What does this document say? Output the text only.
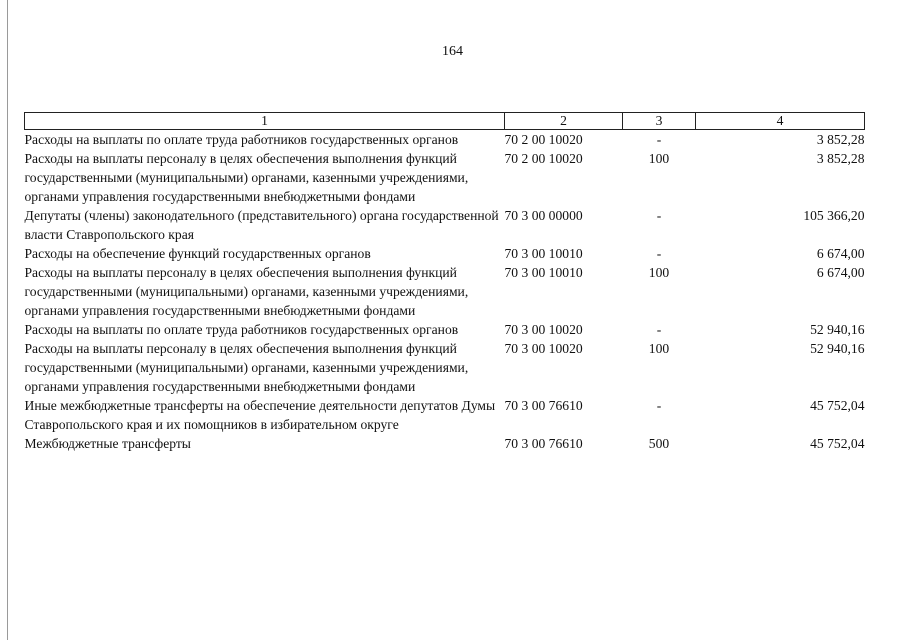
164
1	2	3	4
Расходы на выплаты по оплате труда работников государственных органов	70 2 00 10020	-	3 852,28
Расходы на выплаты персоналу в целях обеспечения выполнения функций государственными (муниципальными) органами, казенными учреждениями, органами управления государственными внебюджетными фондами	70 2 00 10020	100	3 852,28
Депутаты (члены) законодательного (представительного) органа государственной власти Ставропольского края	70 3 00 00000	-	105 366,20
Расходы на обеспечение функций государственных органов	70 3 00 10010	-	6 674,00
Расходы на выплаты персоналу в целях обеспечения выполнения функций государственными (муниципальными) органами, казенными учреждениями, органами управления государственными внебюджетными фондами	70 3 00 10010	100	6 674,00
Расходы на выплаты по оплате труда работников государственных органов	70 3 00 10020	-	52 940,16
Расходы на выплаты персоналу в целях обеспечения выполнения функций государственными (муниципальными) органами, казенными учреждениями, органами управления государственными внебюджетными фондами	70 3 00 10020	100	52 940,16
Иные межбюджетные трансферты на обеспечение деятельности депутатов Думы Ставропольского края и их помощников в избирательном округе	70 3 00 76610	-	45 752,04
Межбюджетные трансферты	70 3 00 76610	500	45 752,04
